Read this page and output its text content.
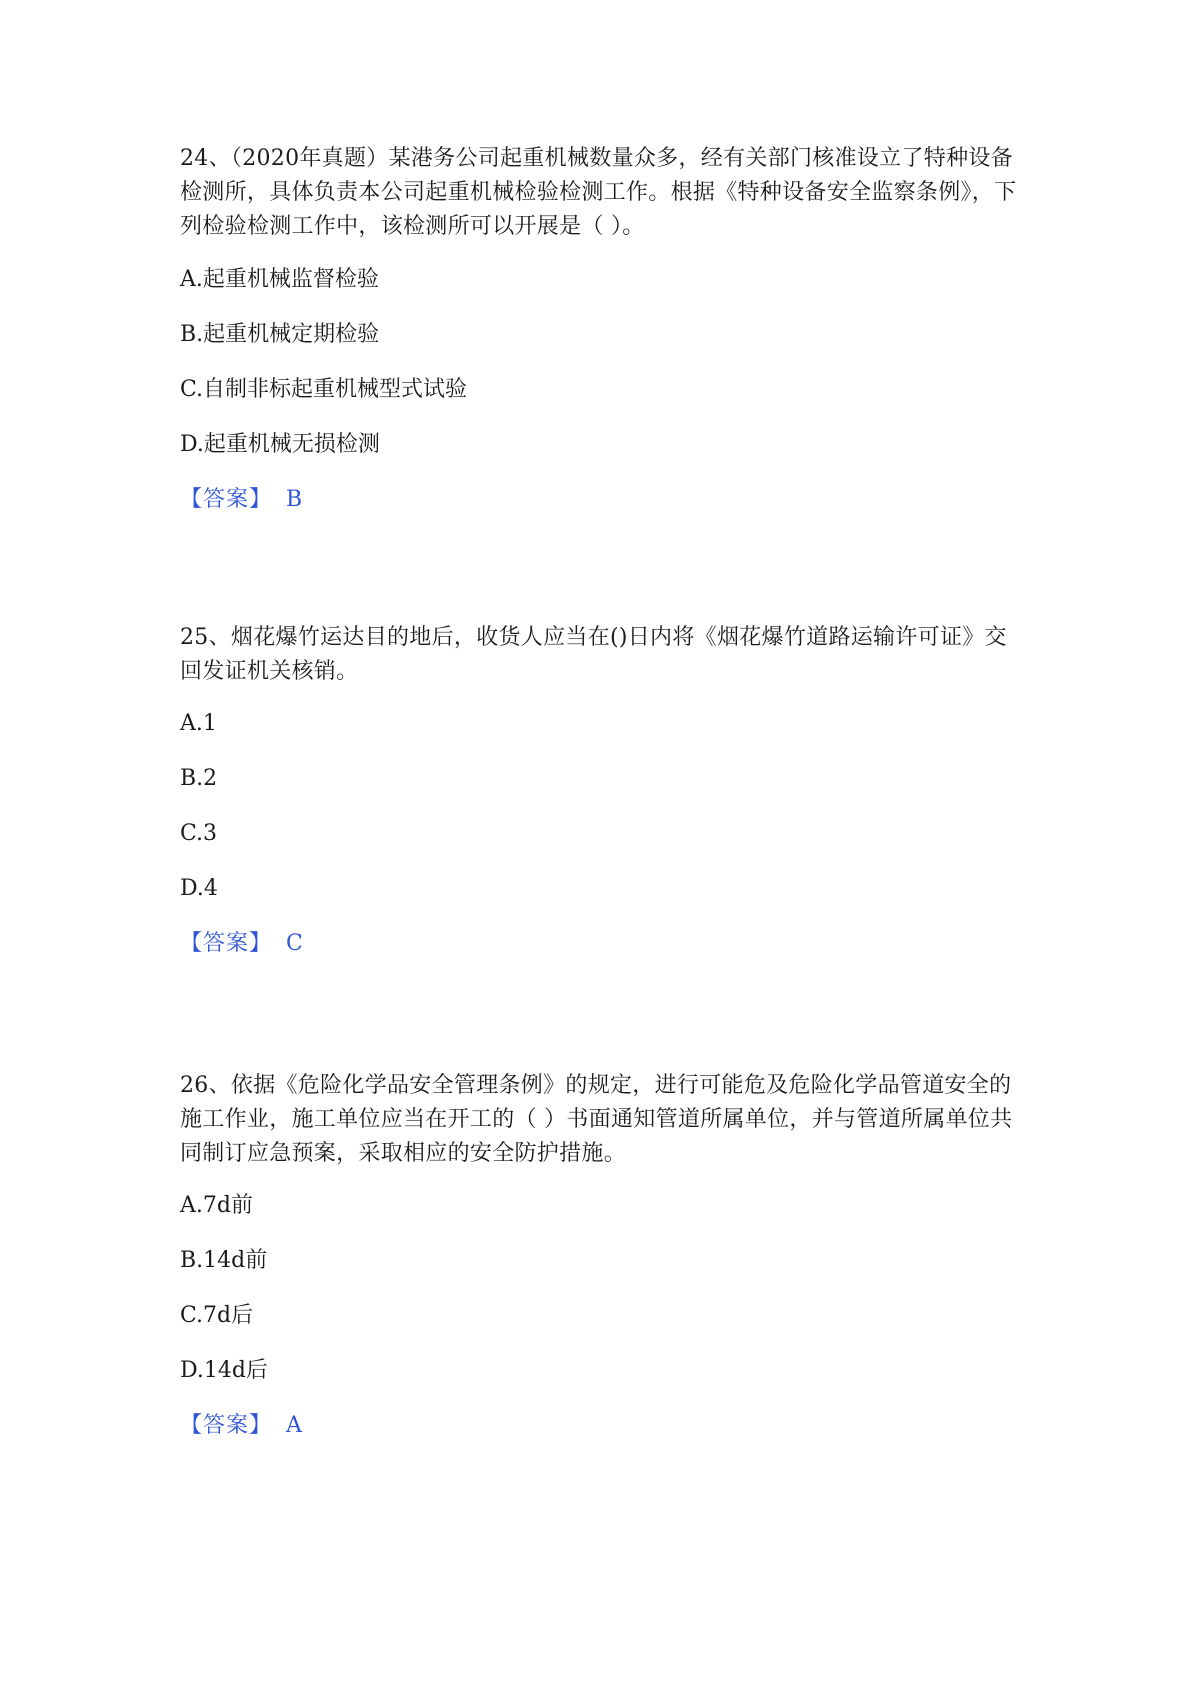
24、（2020年真题）某港务公司起重机械数量众多，经有关部门核准设立了特种设备检测所，具体负责本公司起重机械检验检测工作。根据《特种设备安全监察条例》，下列检验检测工作中，该检测所可以开展是（ ）。

A.起重机械监督检验

B.起重机械定期检验

C.自制非标起重机械型式试验

D.起重机械无损检测

【答案】 B

25、烟花爆竹运达目的地后，收货人应当在()日内将《烟花爆竹道路运输许可证》交回发证机关核销。

A.1

B.2

C.3

D.4

【答案】 C

26、依据《危险化学品安全管理条例》的规定，进行可能危及危险化学品管道安全的施工作业，施工单位应当在开工的（ ）书面通知管道所属单位，并与管道所属单位共同制订应急预案，采取相应的安全防护措施。

A.7d前

B.14d前

C.7d后

D.14d后

【答案】 A
